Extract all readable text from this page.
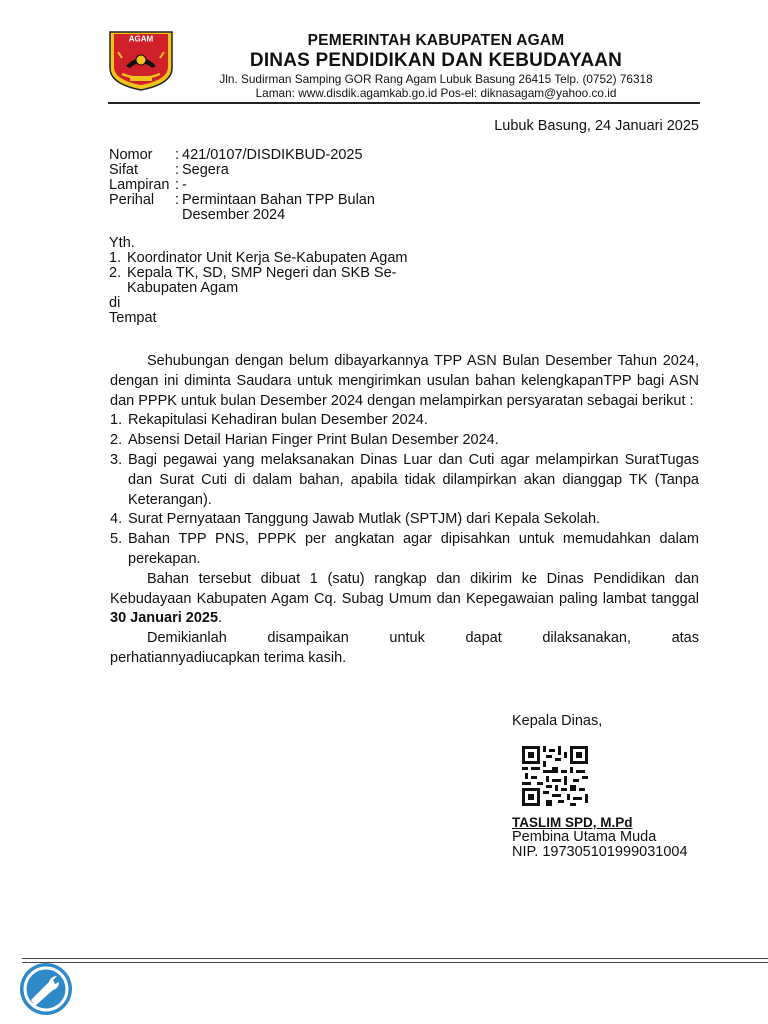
AGAM	PEMERINTAH KABUPATEN AGAM
DINAS PENDIDIKAN DAN KEBUDAYAAN
Jln. Sudirman Samping GOR Rang Agam Lubuk Basung 26415 Telp. (0752) 76318
Laman: www.disdik.agamkab.go.id Pos-el: diknasagam@yahoo.co.id
Lubuk Basung, 24 Januari 2025
Nomor	: 421/0107/DISDIKBUD-2025
Sifat	: Segera
Lampiran : -
Perihal	: Permintaan Bahan TPP Bulan Desember 2024
Yth.
1. Koordinator Unit Kerja Se-Kabupaten Agam
2. Kepala TK, SD, SMP Negeri dan SKB Se-Kabupaten Agam
di
Tempat
Sehubungan dengan belum dibayarkannya TPP ASN Bulan Desember Tahun 2024, dengan ini diminta Saudara untuk mengirimkan usulan bahan kelengkapanTPP bagi ASN dan PPPK untuk bulan Desember 2024 dengan melampirkan persyaratan sebagai berikut :
1. Rekapitulasi Kehadiran bulan Desember 2024.
2. Absensi Detail Harian Finger Print Bulan Desember 2024.
3. Bagi pegawai yang melaksanakan Dinas Luar dan Cuti agar melampirkan SuratTugas dan Surat Cuti di dalam bahan, apabila tidak dilampirkan akan dianggap TK (Tanpa Keterangan).
4. Surat Pernyataan Tanggung Jawab Mutlak (SPTJM) dari Kepala Sekolah.
5. Bahan TPP PNS, PPPK per angkatan agar dipisahkan untuk memudahkan dalam perekapan.
Bahan tersebut dibuat 1 (satu) rangkap dan dikirim ke Dinas Pendidikan dan Kebudayaan Kabupaten Agam Cq. Subag Umum dan Kepegawaian paling lambat tanggal 30 Januari 2025.
Demikianlah disampaikan untuk dapat dilaksanakan, atas
perhatiannyadiucapkan terima kasih.
Kepala Dinas,
TASLIM SPD, M.Pd
Pembina Utama Muda
NIP. 197305101999031004
